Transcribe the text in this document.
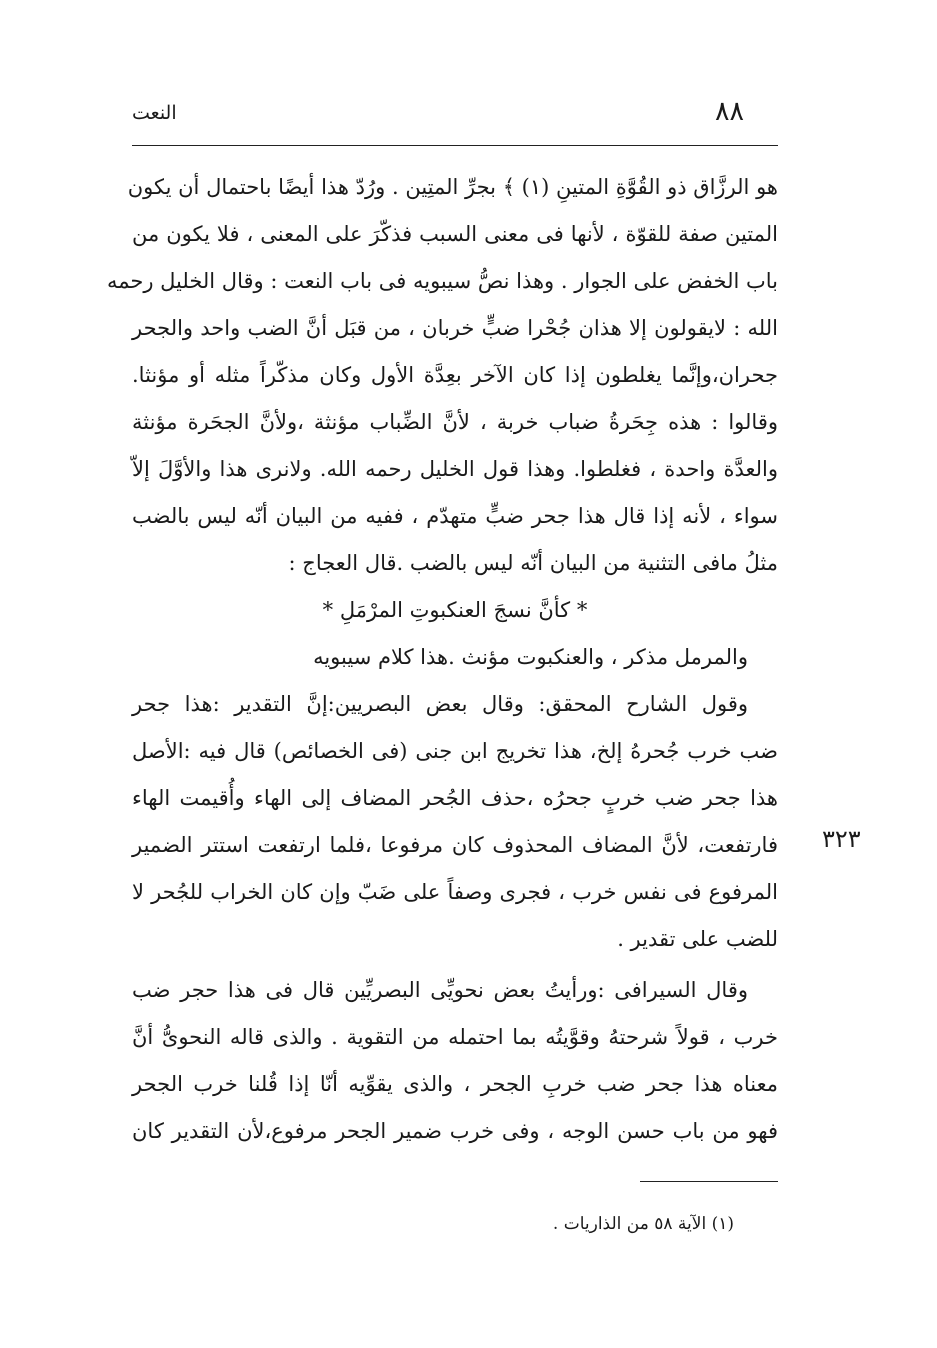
النعت	٨٨
هو الرزَّاق ذو القُوَّةِ المتينِ (١) ﴾ بجرِّ المتِين . ورُدّ هذا أيضًا باحتمال أن يكون
المتين صفة للقوّة ، لأنها فى معنى السبب فذكّرَ على المعنى ، فلا يكون من
باب الخفض على الجوار . وهذا نصُّ سيبويه فى باب النعت : وقال الخليل رحمه
الله : لايقولون إلا هذان جُحْرا ضبٍّ خربان ، من قبَل أنَّ الضب واحد والجحر
جحران،وإنَّما يغلطون إذا كان الآخر بعِدَّة الأول وكان مذكّراً مثله أو مؤنثا.
وقالوا : هذه جِحَرةُ ضباب خربة ، لأنَّ الضِّباب مؤنثة ،ولأنَّ الجحَرة مؤنثة
والعدَّة واحدة ، فغلطوا. وهذا قول الخليل رحمه الله. ولانرى هذا والأوَّلَ إلاّ
سواء ، لأنه إذا قال هذا جحر ضبٍّ متهدّم ، ففيه من البيان أنّه ليس بالضب
مثلُ مافى التثنية من البيان أنّه ليس بالضب .قال العجاج :
* كأنَّ نسجَ العنكبوتِ المرْمَلِ *
والمرمل مذكر ، والعنكبوت مؤنث .هذا كلام سيبويه
وقول الشارح المحقق: وقال بعض البصريين:إنَّ التقدير :هذا جحر
ضب خرب جُحرهُ إلخ، هذا تخريج ابن جنى (فى الخصائص) قال فيه :الأصل
هذا جحر ضب خربٍ جحرُه ،حذف الجُحر المضاف إلى الهاء وأُقيمت الهاء
فارتفعت، لأنَّ المضاف المحذوف كان مرفوعا ،فلما ارتفعت استتر الضمير
المرفوع فى نفس خرب ، فجرى وصفاً على ضَبّ وإن كان الخراب للجُحر لا
للضب على تقدير .
وقال السيرافى :ورأيتُ بعض نحويِّى البصريِّين قال فى هذا حجر ضب
خرب ، قولاً شرحتهُ وقوَّيتُه بما احتمله من التقوية . والذى قاله النحوىُّ أنَّ
معناه هذا جحر ضب خربِ الجحر ، والذى يقوِّيه أنّا إذا قُلنا خرب الجحر
فهو من باب حسن الوجه ، وفى خرب ضمير الجحر مرفوع،لأن التقدير كان
٣٢٣
(١) الآية ٥٨ من الذاريات .
